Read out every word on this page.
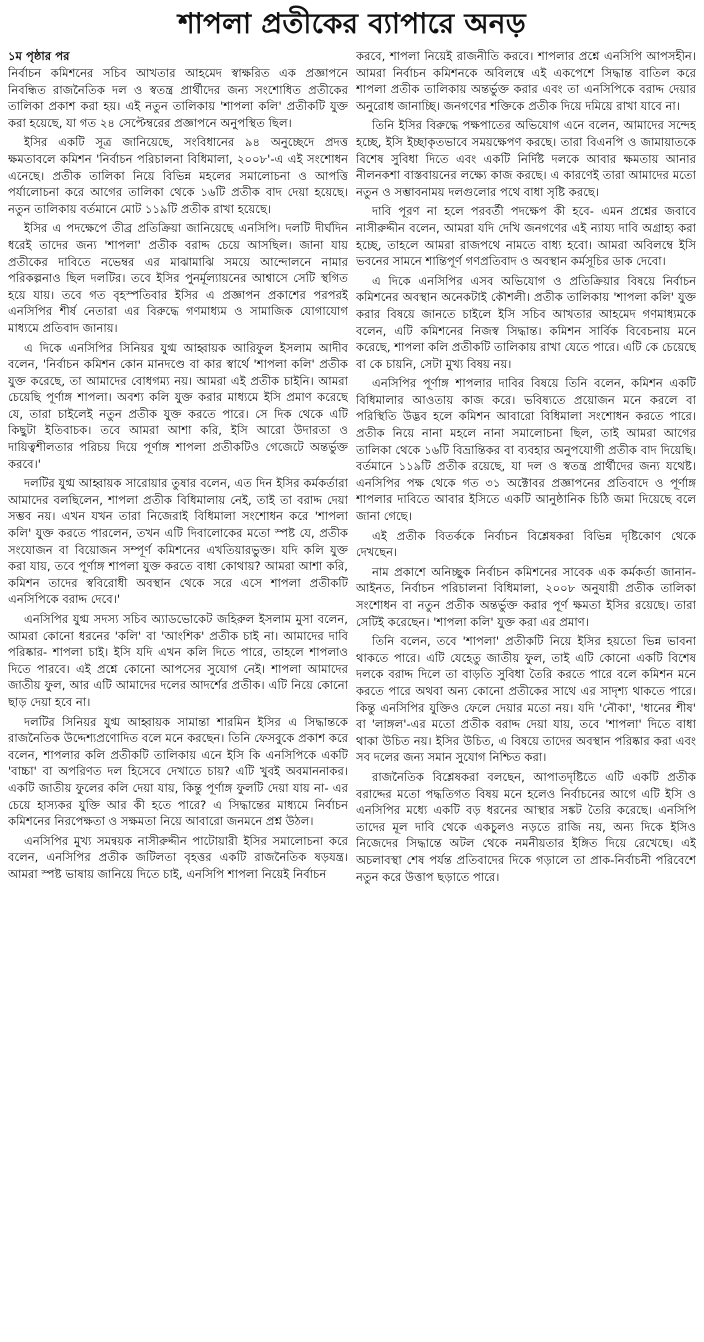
শাপলা প্রতীকের ব্যাপারে অনড়
১ম পৃষ্ঠার পর

নির্বাচন কমিশনের সচিব আখতার আহমেদ স্বাক্ষরিত এক প্রজ্ঞাপনে নিবন্ধিত রাজনৈতিক দল ও স্বতন্ত্র প্রার্থীদের জন্য সংশোধিত প্রতীকের তালিকা প্রকাশ করা হয়। এই নতুন তালিকায় 'শাপলা কলি' প্রতীকটি যুক্ত করা হয়েছে, যা গত ২৪ সেপ্টেম্বরের প্রজ্ঞাপনে অনুপস্থিত ছিল।

ইসির একটি সূত্র জানিয়েছে, সংবিধানের ৯৪ অনুচ্ছেদে প্রদত্ত ক্ষমতাবলে কমিশন 'নির্বাচন পরিচালনা বিধিমালা, ২০০৮'-এ এই সংশোধন এনেছে। প্রতীক তালিকা নিয়ে বিভিন্ন মহলের সমালোচনা ও আপত্তি পর্যালোচনা করে আগের তালিকা থেকে ১৬টি প্রতীক বাদ দেয়া হয়েছে। নতুন তালিকায় বর্তমানে মোট ১১৯টি প্রতীক রাখা হয়েছে।

ইসির এ পদক্ষেপে তীব্র প্রতিক্রিয়া জানিয়েছে এনসিপি। দলটি দীর্ঘদিন ধরেই তাদের জন্য 'শাপলা' প্রতীক বরাদ্দ চেয়ে আসছিল। জানা যায় প্রতীকের দাবিতে নভেম্বর এর মাঝামাঝি সময়ে আন্দোলনে নামার পরিকল্পনাও ছিল দলটির। তবে ইসির পুনর্মূল্যায়নের আশ্বাসে সেটি স্থগিত হয়ে যায়। তবে গত বৃহস্পতিবার ইসির এ প্রজ্ঞাপন প্রকাশের পরপরই এনসিপির শীর্ষ নেতারা এর বিরুদ্ধে গণমাধ্যম ও সামাজিক যোগাযোগ মাধ্যমে প্রতিবাদ জানায়।

এ দিকে এনসিপির সিনিয়র যুগ্ম আহ্বায়ক আরিফুল ইসলাম আদীব বলেন, 'নির্বাচন কমিশন কোন মানদণ্ডে বা কার স্বার্থে 'শাপলা কলি' প্রতীক যুক্ত করেছে, তা আমাদের বোধগম্য নয়। আমরা এই প্রতীক চাইনি। আমরা চেয়েছি পূর্ণাঙ্গ শাপলা। অবশ্য কলি যুক্ত করার মাধ্যমে ইসি প্রমাণ করেছে যে, তারা চাইলেই নতুন প্রতীক যুক্ত করতে পারে। সে দিক থেকে এটি কিছুটা ইতিবাচক। তবে আমরা আশা করি, ইসি আরো উদারতা ও দায়িত্বশীলতার পরিচয় দিয়ে পূর্ণাঙ্গ শাপলা প্রতীকটিও গেজেটে অন্তর্ভুক্ত করবে।'

দলটির যুগ্ম আহ্বায়ক সারোয়ার তুষার বলেন, এত দিন ইসির কর্মকর্তারা আমাদের বলছিলেন, শাপলা প্রতীক বিধিমালায় নেই, তাই তা বরাদ্দ দেয়া সম্ভব নয়। এখন যখন তারা নিজেরাই বিধিমালা সংশোধন করে 'শাপলা কলি' যুক্ত করতে পারলেন, তখন এটি দিবালোকের মতো স্পষ্ট যে, প্রতীক সংযোজন বা বিয়োজন সম্পূর্ণ কমিশনের এখতিয়ারভুক্ত। যদি কলি যুক্ত করা যায়, তবে পূর্ণাঙ্গ শাপলা যুক্ত করতে বাধা কোথায়? আমরা আশা করি, কমিশন তাদের স্ববিরোধী অবস্থান থেকে সরে এসে শাপলা প্রতীকটি এনসিপিকে বরাদ্দ দেবে।'

এনসিপির যুগ্ম সদস্য সচিব অ্যাডভোকেট জহিরুল ইসলাম মুসা বলেন, আমরা কোনো ধরনের 'কলি' বা 'আংশিক' প্রতীক চাই না। আমাদের দাবি পরিষ্কার- শাপলা চাই। ইসি যদি এখন কলি দিতে পারে, তাহলে শাপলাও দিতে পারবে। এই প্রশ্নে কোনো আপসের সুযোগ নেই। শাপলা আমাদের জাতীয় ফুল, আর এটি আমাদের দলের আদর্শের প্রতীক। এটি নিয়ে কোনো ছাড় দেয়া হবে না।

দলটির সিনিয়র যুগ্ম আহ্বায়ক সামান্তা শারমিন ইসির এ সিদ্ধান্তকে রাজনৈতিক উদ্দেশ্যপ্রণোদিত বলে মনে করছেন। তিনি ফেসবুকে প্রকাশ করে বলেন, শাপলার কলি প্রতীকটি তালিকায় এনে ইসি কি এনসিপিকে একটি 'বাচ্চা' বা অপরিণত দল হিসেবে দেখাতে চায়? এটি খুবই অবমাননাকর। একটি জাতীয় ফুলের কলি দেয়া যায়, কিন্তু পূর্ণাঙ্গ ফুলটি দেয়া যায় না- এর চেয়ে হাস্যকর যুক্তি আর কী হতে পারে? এ সিদ্ধান্তের মাধ্যমে নির্বাচন কমিশনের নিরপেক্ষতা ও সক্ষমতা নিয়ে আবারো জনমনে প্রশ্ন উঠল।

এনসিপির মুখ্য সমন্বয়ক নাসীরুদ্দীন পাটোয়ারী ইসির সমালোচনা করে বলেন, এনসিপির প্রতীক জটিলতা বৃহত্তর একটি রাজনৈতিক ষড়যন্ত্র। আমরা স্পষ্ট ভাষায় জানিয়ে দিতে চাই, এনসিপি শাপলা নিয়েই নির্বাচন

করবে, শাপলা নিয়েই রাজনীতি করবে। শাপলার প্রশ্নে এনসিপি আপসহীন। আমরা নির্বাচন কমিশনকে অবিলম্বে এই একপেশে সিদ্ধান্ত বাতিল করে শাপলা প্রতীক তালিকায় অন্তর্ভুক্ত করার এবং তা এনসিপিকে বরাদ্দ দেয়ার অনুরোধ জানাচ্ছি। জনগণের শক্তিকে প্রতীক দিয়ে দমিয়ে রাখা যাবে না।

তিনি ইসির বিরুদ্ধে পক্ষপাতের অভিযোগ এনে বলেন, আমাদের সন্দেহ হচ্ছে, ইসি ইচ্ছাকৃতভাবে সময়ক্ষেপণ করছে। তারা বিএনপি ও জামায়াতকে বিশেষ সুবিধা দিতে এবং একটি নির্দিষ্ট দলকে আবার ক্ষমতায় আনার নীলনকশা বাস্তবায়নের লক্ষ্যে কাজ করছে। এ কারণেই তারা আমাদের মতো নতুন ও সম্ভাবনাময় দলগুলোর পথে বাধা সৃষ্টি করছে।

দাবি পূরণ না হলে পরবর্তী পদক্ষেপ কী হবে- এমন প্রশ্নের জবাবে নাসীরুদ্দীন বলেন, আমরা যদি দেখি জনগণের এই ন্যায্য দাবি অগ্রাহ্য করা হচ্ছে, তাহলে আমরা রাজপথে নামতে বাধ্য হবো। আমরা অবিলম্বে ইসি ভবনের সামনে শান্তিপূর্ণ গণপ্রতিবাদ ও অবস্থান কর্মসূচির ডাক দেবো।

এ দিকে এনসিপির এসব অভিযোগ ও প্রতিক্রিয়ার বিষয়ে নির্বাচন কমিশনের অবস্থান অনেকটাই কৌশলী। প্রতীক তালিকায় 'শাপলা কলি' যুক্ত করার বিষয়ে জানতে চাইলে ইসি সচিব আখতার আহমেদ গণমাধ্যমকে বলেন, এটি কমিশনের নিজস্ব সিদ্ধান্ত। কমিশন সার্বিক বিবেচনায় মনে করেছে, শাপলা কলি প্রতীকটি তালিকায় রাখা যেতে পারে। এটি কে চেয়েছে বা কে চায়নি, সেটা মুখ্য বিষয় নয়।

এনসিপির পূর্ণাঙ্গ শাপলার দাবির বিষয়ে তিনি বলেন, কমিশন একটি বিধিমালার আওতায় কাজ করে। ভবিষ্যতে প্রয়োজন মনে করলে বা পরিস্থিতি উদ্ভব হলে কমিশন আবারো বিধিমালা সংশোধন করতে পারে। প্রতীক নিয়ে নানা মহলে নানা সমালোচনা ছিল, তাই আমরা আগের তালিকা থেকে ১৬টি বিভ্রান্তিকর বা ব্যবহার অনুপযোগী প্রতীক বাদ দিয়েছি। বর্তমানে ১১৯টি প্রতীক রয়েছে, যা দল ও স্বতন্ত্র প্রার্থীদের জন্য যথেষ্ট। এনসিপির পক্ষ থেকে গত ৩১ অক্টোবর প্রজ্ঞাপনের প্রতিবাদে ও পূর্ণাঙ্গ শাপলার দাবিতে আবার ইসিতে একটি আনুষ্ঠানিক চিঠি জমা দিয়েছে বলে জানা গেছে।

এই প্রতীক বিতর্ককে নির্বাচন বিশ্লেষকরা বিভিন্ন দৃষ্টিকোণ থেকে দেখছেন।

নাম প্রকাশে অনিচ্ছুক নির্বাচন কমিশনের সাবেক এক কর্মকর্তা জানান- আইনত, নির্বাচন পরিচালনা বিধিমালা, ২০০৮ অনুযায়ী প্রতীক তালিকা সংশোধন বা নতুন প্রতীক অন্তর্ভুক্ত করার পূর্ণ ক্ষমতা ইসির রয়েছে। তারা সেটিই করেছেন। 'শাপলা কলি' যুক্ত করা এর প্রমাণ।

তিনি বলেন, তবে 'শাপলা' প্রতীকটি নিয়ে ইসির হয়তো ভিন্ন ভাবনা থাকতে পারে। এটি যেহেতু জাতীয় ফুল, তাই এটি কোনো একটি বিশেষ দলকে বরাদ্দ দিলে তা বাড়তি সুবিধা তৈরি করতে পারে বলে কমিশন মনে করতে পারে অথবা অন্য কোনো প্রতীকের সাথে এর সাদৃশ্য থাকতে পারে। কিন্তু এনসিপির যুক্তিও ফেলে দেয়ার মতো নয়। যদি 'নৌকা', 'ধানের শীষ' বা 'লাঙ্গল'-এর মতো প্রতীক বরাদ্দ দেয়া যায়, তবে 'শাপলা' দিতে বাধা থাকা উচিত নয়। ইসির উচিত, এ বিষয়ে তাদের অবস্থান পরিষ্কার করা এবং সব দলের জন্য সমান সুযোগ নিশ্চিত করা।

রাজনৈতিক বিশ্লেষকরা বলছেন, আপাতদৃষ্টিতে এটি একটি প্রতীক বরাদ্দের মতো পদ্ধতিগত বিষয় মনে হলেও নির্বাচনের আগে এটি ইসি ও এনসিপির মধ্যে একটি বড় ধরনের আস্থার সঙ্কট তৈরি করেছে। এনসিপি তাদের মূল দাবি থেকে একচুলও নড়তে রাজি নয়, অন্য দিকে ইসিও নিজেদের সিদ্ধান্তে অটল থেকে নমনীয়তার ইঙ্গিত দিয়ে রেখেছে। এই অচলাবস্থা শেষ পর্যন্ত প্রতিবাদের দিকে গড়ালে তা প্রাক-নির্বাচনী পরিবেশে নতুন করে উত্তাপ ছড়াতে পারে।
